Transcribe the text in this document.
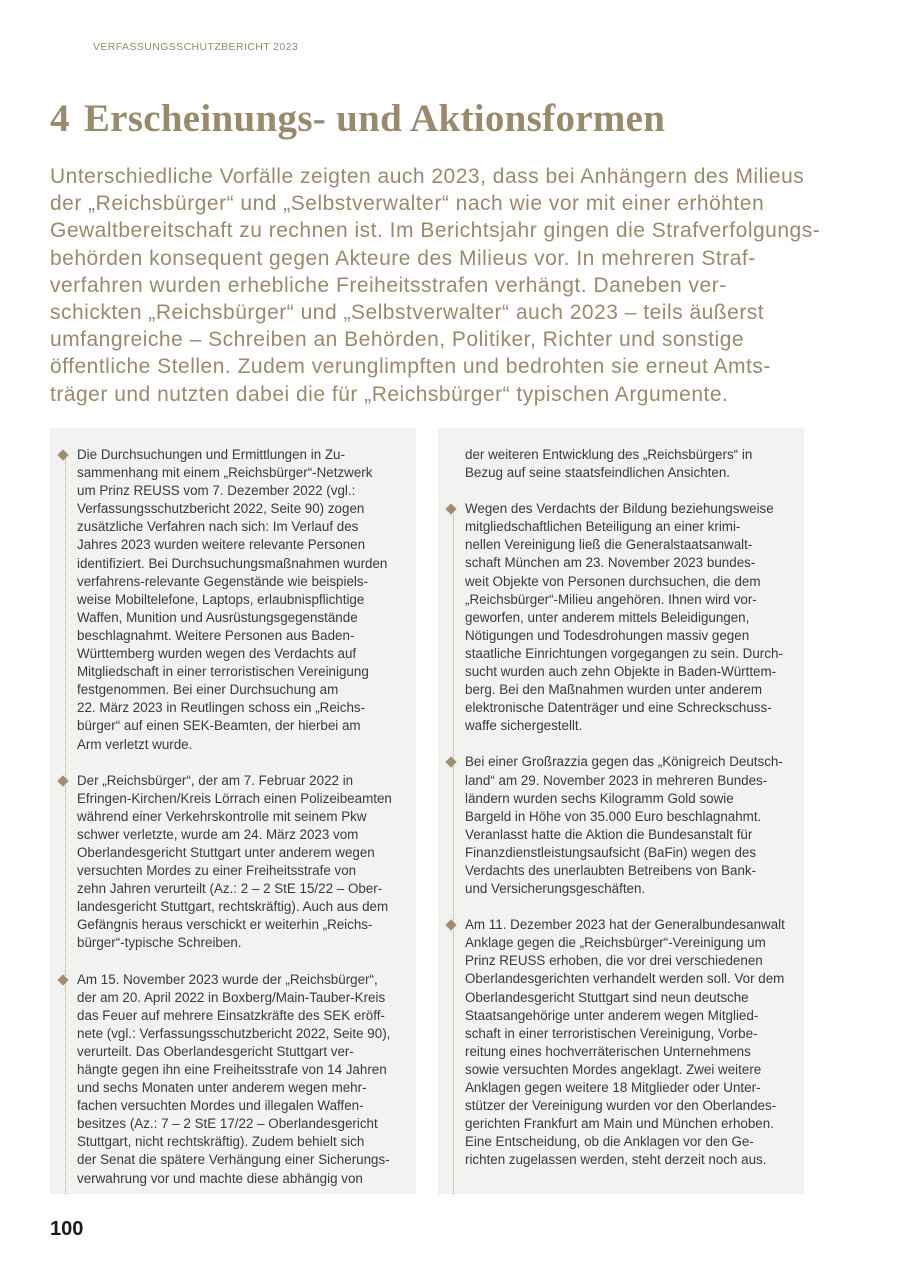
VERFASSUNGSSCHUTZBERICHT 2023
4 Erscheinungs- und Aktionsformen
Unterschiedliche Vorfälle zeigten auch 2023, dass bei Anhängern des Milieus
der „Reichsbürger“ und „Selbstverwalter“ nach wie vor mit einer erhöhten
Gewaltbereitschaft zu rechnen ist. Im Berichtsjahr gingen die Strafverfolgungs-
behörden konsequent gegen Akteure des Milieus vor. In mehreren Straf-
verfahren wurden erhebliche Freiheitsstrafen verhängt. Daneben ver-
schickten „Reichsbürger“ und „Selbstverwalter“ auch 2023 – teils äußerst
umfangreiche – Schreiben an Behörden, Politiker, Richter und sonstige
öffentliche Stellen. Zudem verunglimpften und bedrohten sie erneut Amts-
träger und nutzten dabei die für „Reichsbürger“ typischen Argumente.
Die Durchsuchungen und Ermittlungen in Zu-
sammenhang mit einem „Reichsbürger“-Netzwerk
um Prinz REUSS vom 7. Dezember 2022 (vgl.:
Verfassungsschutzbericht 2022, Seite 90) zogen
zusätzliche Verfahren nach sich: Im Verlauf des
Jahres 2023 wurden weitere relevante Personen
identifiziert. Bei Durchsuchungsmaßnahmen wurden
verfahrens-relevante Gegenstände wie beispiels-
weise Mobiltelefone, Laptops, erlaubnispflichtige
Waffen, Munition und Ausrüstungsgegenstände
beschlagnahmt. Weitere Personen aus Baden-
Württemberg wurden wegen des Verdachts auf
Mitgliedschaft in einer terroristischen Vereinigung
festgenommen. Bei einer Durchsuchung am
22. März 2023 in Reutlingen schoss ein „Reichs-
bürger“ auf einen SEK-Beamten, der hierbei am
Arm verletzt wurde.
Der „Reichsbürger“, der am 7. Februar 2022 in
Efringen-Kirchen/Kreis Lörrach einen Polizeibeamten
während einer Verkehrskontrolle mit seinem Pkw
schwer verletzte, wurde am 24. März 2023 vom
Oberlandesgericht Stuttgart unter anderem wegen
versuchten Mordes zu einer Freiheitsstrafe von
zehn Jahren verurteilt (Az.: 2 – 2 StE 15/22 – Ober-
landesgericht Stuttgart, rechtskräftig). Auch aus dem
Gefängnis heraus verschickt er weiterhin „Reichs-
bürger“-typische Schreiben.
Am 15. November 2023 wurde der „Reichsbürger“,
der am 20. April 2022 in Boxberg/Main-Tauber-Kreis
das Feuer auf mehrere Einsatzkräfte des SEK eröff-
nete (vgl.: Verfassungsschutzbericht 2022, Seite 90),
verurteilt. Das Oberlandesgericht Stuttgart ver-
hängte gegen ihn eine Freiheitsstrafe von 14 Jahren
und sechs Monaten unter anderem wegen mehr-
fachen versuchten Mordes und illegalen Waffen-
besitzes (Az.: 7 – 2 StE 17/22 – Oberlandesgericht
Stuttgart, nicht rechtskräftig). Zudem behielt sich
der Senat die spätere Verhängung einer Sicherungs-
verwahrung vor und machte diese abhängig von
der weiteren Entwicklung des „Reichsbürgers“ in
Bezug auf seine staatsfeindlichen Ansichten.
Wegen des Verdachts der Bildung beziehungsweise
mitgliedschaftlichen Beteiligung an einer krimi-
nellen Vereinigung ließ die Generalstaatsanwalt-
schaft München am 23. November 2023 bundes-
weit Objekte von Personen durchsuchen, die dem
„Reichsbürger“-Milieu angehören. Ihnen wird vor-
geworfen, unter anderem mittels Beleidigungen,
Nötigungen und Todesdrohungen massiv gegen
staatliche Einrichtungen vorgegangen zu sein. Durch-
sucht wurden auch zehn Objekte in Baden-Württem-
berg. Bei den Maßnahmen wurden unter anderem
elektronische Datenträger und eine Schreckschuss-
waffe sichergestellt.
Bei einer Großrazzia gegen das „Königreich Deutsch-
land“ am 29. November 2023 in mehreren Bundes-
ländern wurden sechs Kilogramm Gold sowie
Bargeld in Höhe von 35.000 Euro beschlagnahmt.
Veranlasst hatte die Aktion die Bundesanstalt für
Finanzdienstleistungsaufsicht (BaFin) wegen des
Verdachts des unerlaubten Betreibens von Bank-
und Versicherungsgeschäften.
Am 11. Dezember 2023 hat der Generalbundesanwalt
Anklage gegen die „Reichsbürger“-Vereinigung um
Prinz REUSS erhoben, die vor drei verschiedenen
Oberlandesgerichten verhandelt werden soll. Vor dem
Oberlandesgericht Stuttgart sind neun deutsche
Staatsangehörige unter anderem wegen Mitglied-
schaft in einer terroristischen Vereinigung, Vorbe-
reitung eines hochverräterischen Unternehmens
sowie versuchten Mordes angeklagt. Zwei weitere
Anklagen gegen weitere 18 Mitglieder oder Unter-
stützer der Vereinigung wurden vor den Oberlandes-
gerichten Frankfurt am Main und München erhoben.
Eine Entscheidung, ob die Anklagen vor den Ge-
richten zugelassen werden, steht derzeit noch aus.
100
